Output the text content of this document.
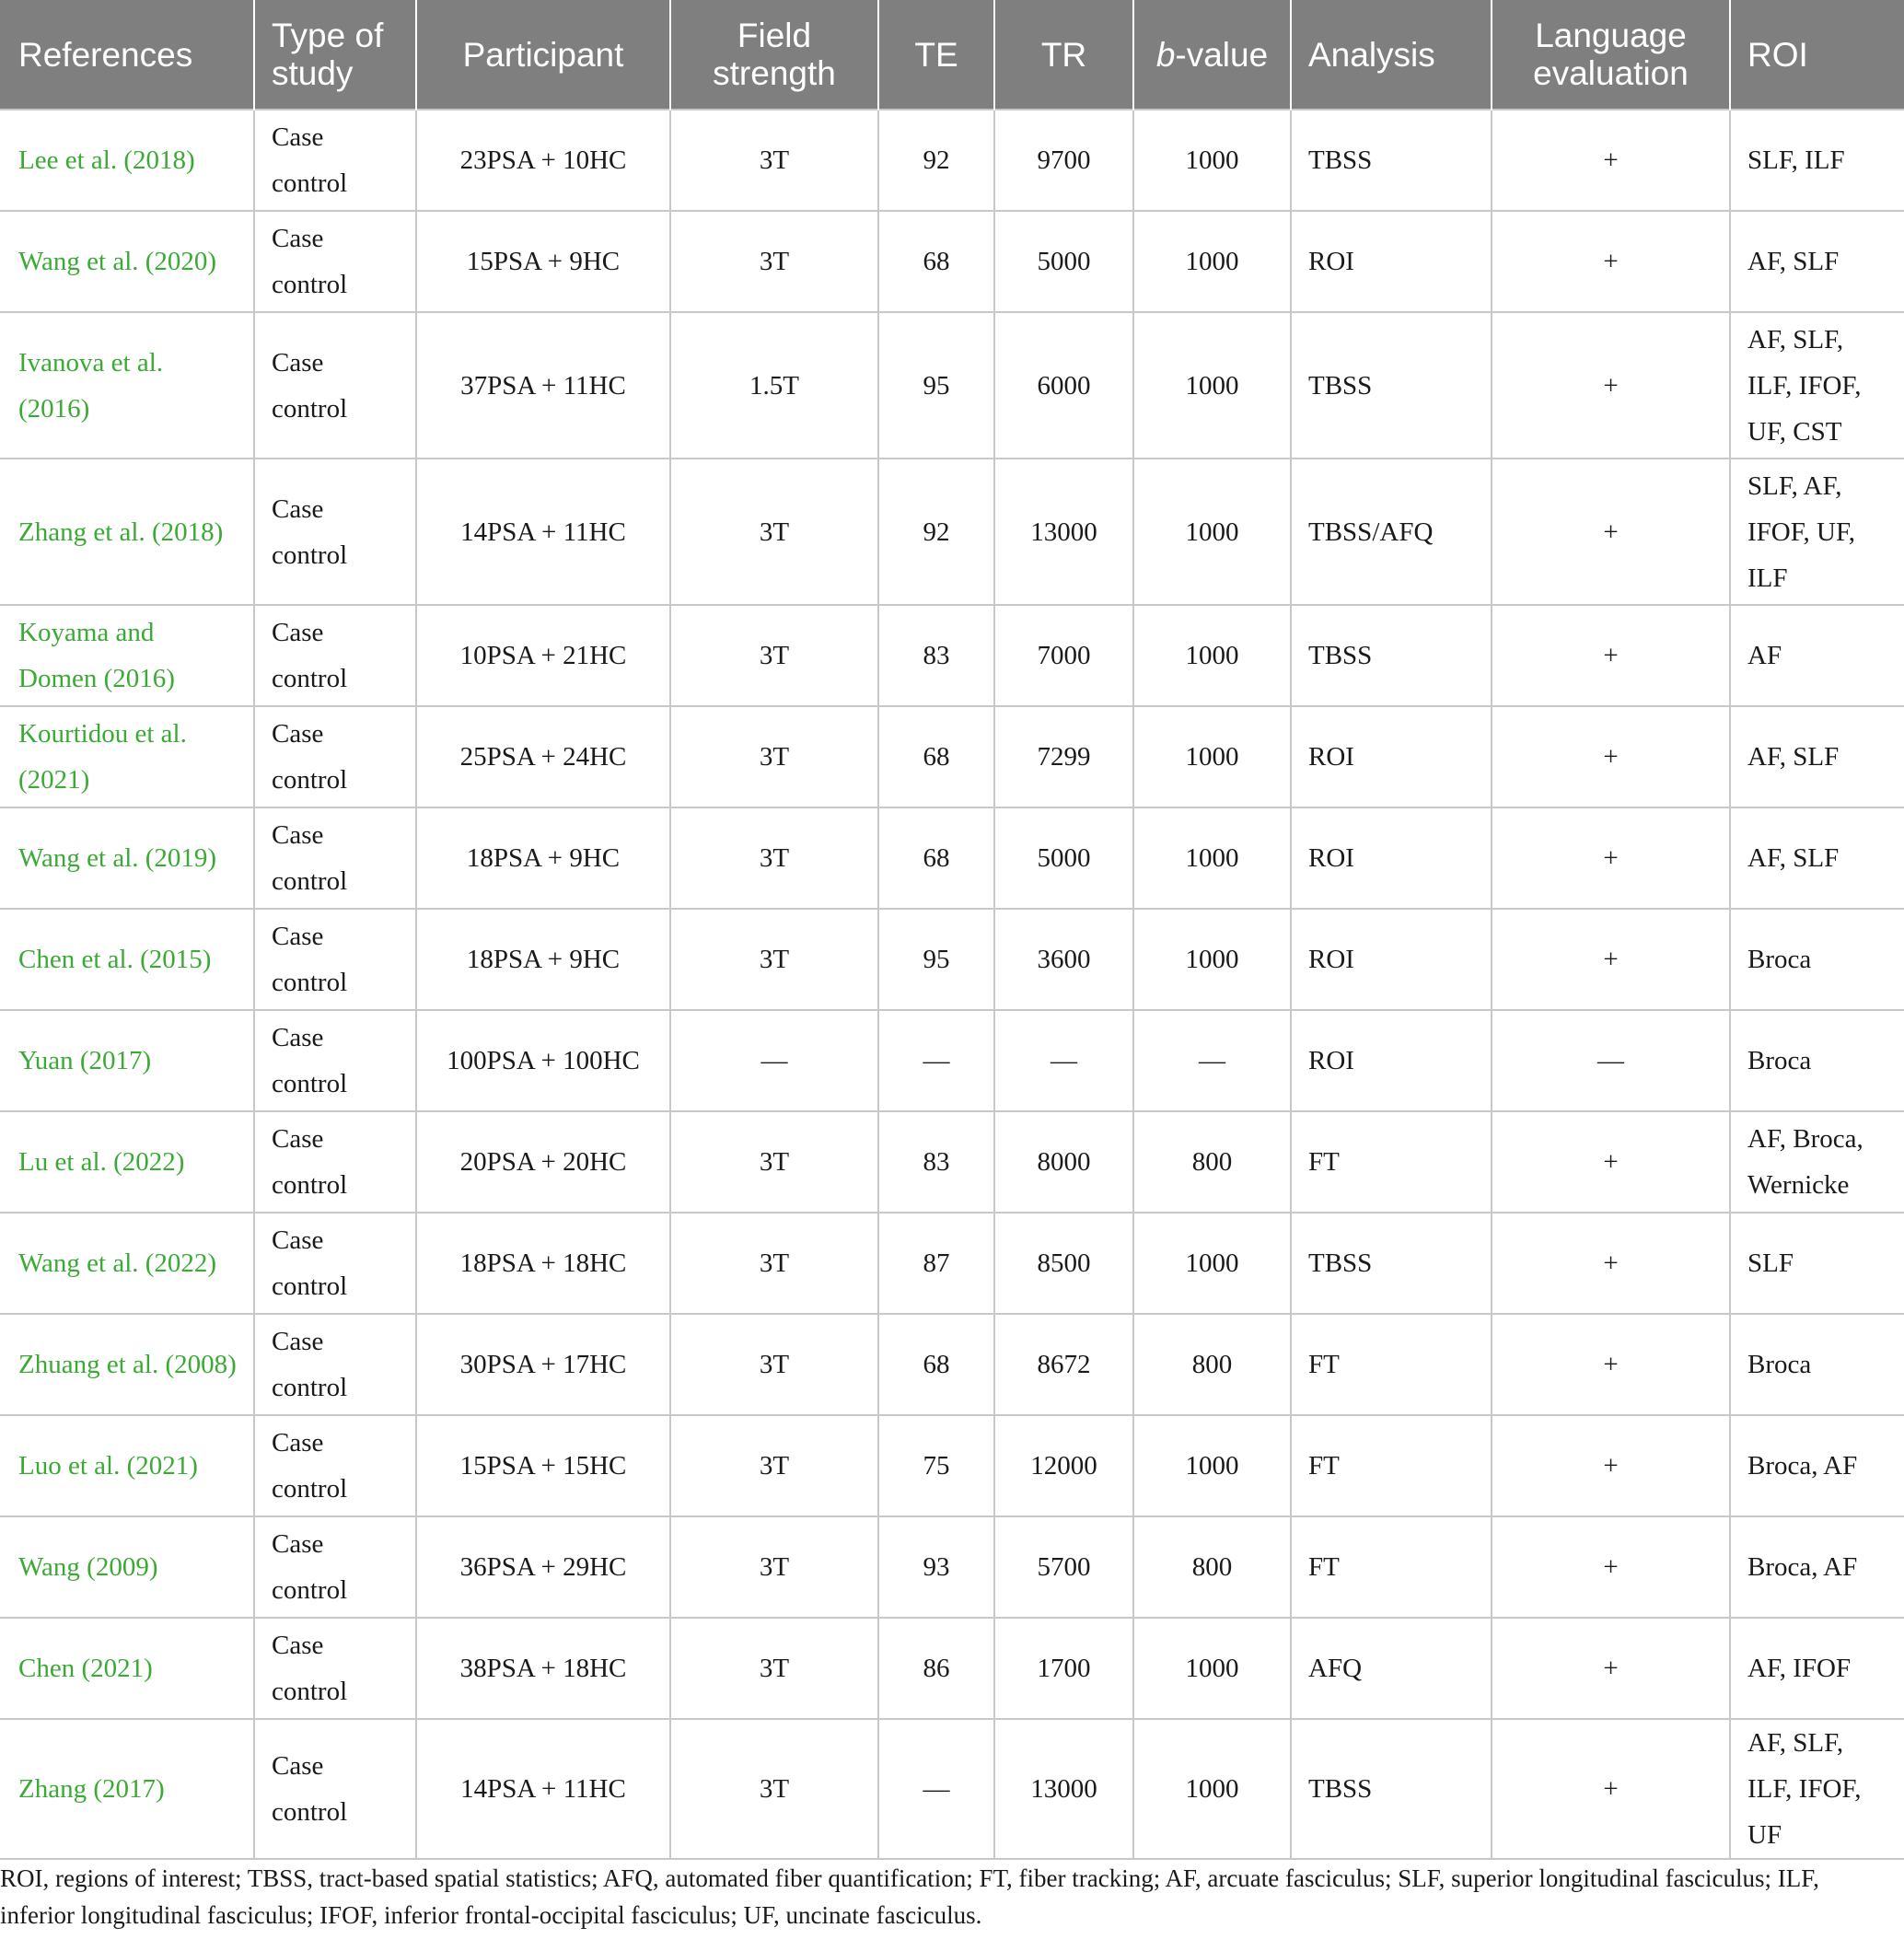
References	Type of study	Participant	Field strength	TE	TR	b-value	Analysis	Language evaluation	ROI
Lee et al. (2018)	Case control	23PSA + 10HC	3T	92	9700	1000	TBSS	+	SLF, ILF
Wang et al. (2020)	Case control	15PSA + 9HC	3T	68	5000	1000	ROI	+	AF, SLF
Ivanova et al. (2016)	Case control	37PSA + 11HC	1.5T	95	6000	1000	TBSS	+	AF, SLF, ILF, IFOF, UF, CST
Zhang et al. (2018)	Case control	14PSA + 11HC	3T	92	13000	1000	TBSS/AFQ	+	SLF, AF, IFOF, UF, ILF
Koyama and Domen (2016)	Case control	10PSA + 21HC	3T	83	7000	1000	TBSS	+	AF
Kourtidou et al. (2021)	Case control	25PSA + 24HC	3T	68	7299	1000	ROI	+	AF, SLF
Wang et al. (2019)	Case control	18PSA + 9HC	3T	68	5000	1000	ROI	+	AF, SLF
Chen et al. (2015)	Case control	18PSA + 9HC	3T	95	3600	1000	ROI	+	Broca
Yuan (2017)	Case control	100PSA + 100HC	—	—	—	—	ROI	—	Broca
Lu et al. (2022)	Case control	20PSA + 20HC	3T	83	8000	800	FT	+	AF, Broca, Wernicke
Wang et al. (2022)	Case control	18PSA + 18HC	3T	87	8500	1000	TBSS	+	SLF
Zhuang et al. (2008)	Case control	30PSA + 17HC	3T	68	8672	800	FT	+	Broca
Luo et al. (2021)	Case control	15PSA + 15HC	3T	75	12000	1000	FT	+	Broca, AF
Wang (2009)	Case control	36PSA + 29HC	3T	93	5700	800	FT	+	Broca, AF
Chen (2021)	Case control	38PSA + 18HC	3T	86	1700	1000	AFQ	+	AF, IFOF
Zhang (2017)	Case control	14PSA + 11HC	3T	—	13000	1000	TBSS	+	AF, SLF, ILF, IFOF, UF
ROI, regions of interest; TBSS, tract-based spatial statistics; AFQ, automated fiber quantification; FT, fiber tracking; AF, arcuate fasciculus; SLF, superior longitudinal fasciculus; ILF, inferior longitudinal fasciculus; IFOF, inferior frontal-occipital fasciculus; UF, uncinate fasciculus.
